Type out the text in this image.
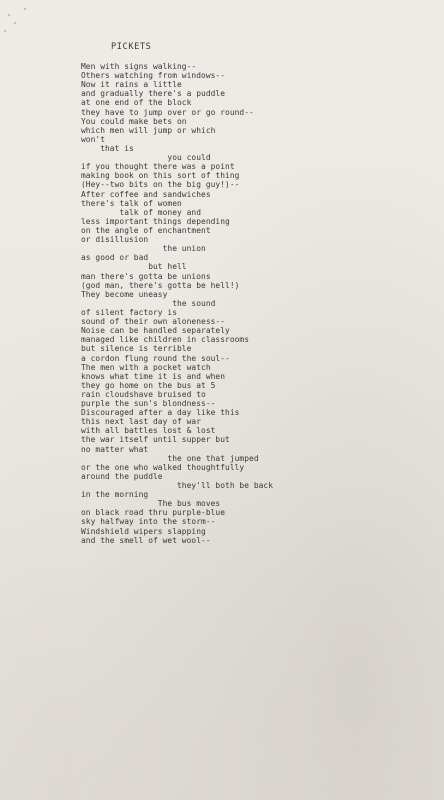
PICKETS
Men with signs walking--
Others watching from windows--
Now it rains a little
and gradually there's a puddle
at one end of the block
they have to jump over or go round--
You could make bets on
which men will jump or which
won't
that is
you could
if you thought there was a point
making book on this sort of thing
(Hey--two bits on the big guy!)--
After coffee and sandwiches
there's talk of women
talk of money and
less important things depending
on the angle of enchantment
or disillusion
the union
as good or bad
but hell
man there's gotta be unions
(god man, there's gotta be hell!)
They become uneasy
the sound
of silent factory is
sound of their own aloneness--
Noise can be handled separately
managed like children in classrooms
but silence is terrible
a cordon flung round the soul--
The men with a pocket watch
knows what time it is and when
they go home on the bus at 5
rain cloudshave bruised to
purple the sun's blondness--
Discouraged after a day like this
this next last day of war
with all battles lost & lost
the war itself until supper but
no matter what
the one that jumped
or the one who walked thoughtfully
around the puddle
they'll both be back
in the morning
The bus moves
on black road thru purple-blue
sky halfway into the storm--
Windshield wipers slapping
and the smell of wet wool--
